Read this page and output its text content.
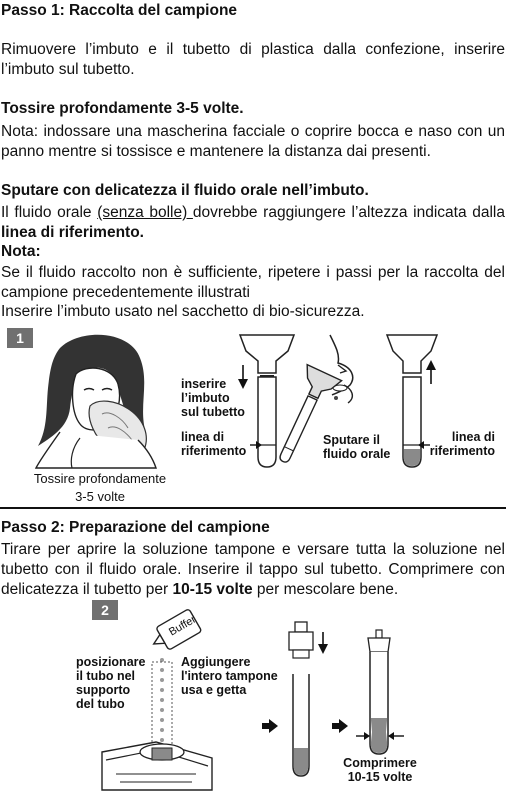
Passo 1: Raccolta del campione

Rimuovere l’imbuto e il tubetto di plastica dalla confezione, inserire l’imbuto sul tubetto.

Tossire profondamente 3-5 volte.

Nota: indossare una mascherina facciale o coprire bocca e naso con un panno mentre si tossisce e mantenere la distanza dai presenti.

Sputare con delicatezza il fluido orale nell’imbuto.

Il fluido orale (senza bolle) dovrebbe raggiungere l’altezza indicata dalla linea di riferimento.

Nota:

Se il fluido raccolto non è sufficiente, ripetere i passi per la raccolta del campione precedentemente illustrati

Inserire l’imbuto usato nel sacchetto di bio-sicurezza.

1
Tossire profondamente
3-5 volte
inserire
l’imbuto
sul tubetto
linea di
riferimento
Sputare il
fluido orale
linea di
riferimento

Passo 2: Preparazione del campione

Tirare per aprire la soluzione tampone e versare tutta la soluzione nel tubetto con il fluido orale. Inserire il tappo sul tubetto. Comprimere con delicatezza il tubetto per 10-15 volte per mescolare bene.

2
Buffer
posizionare
il tubo nel
supporto
del tubo
Aggiungere
l'intero tampone
usa e getta
Comprimere
10-15 volte
